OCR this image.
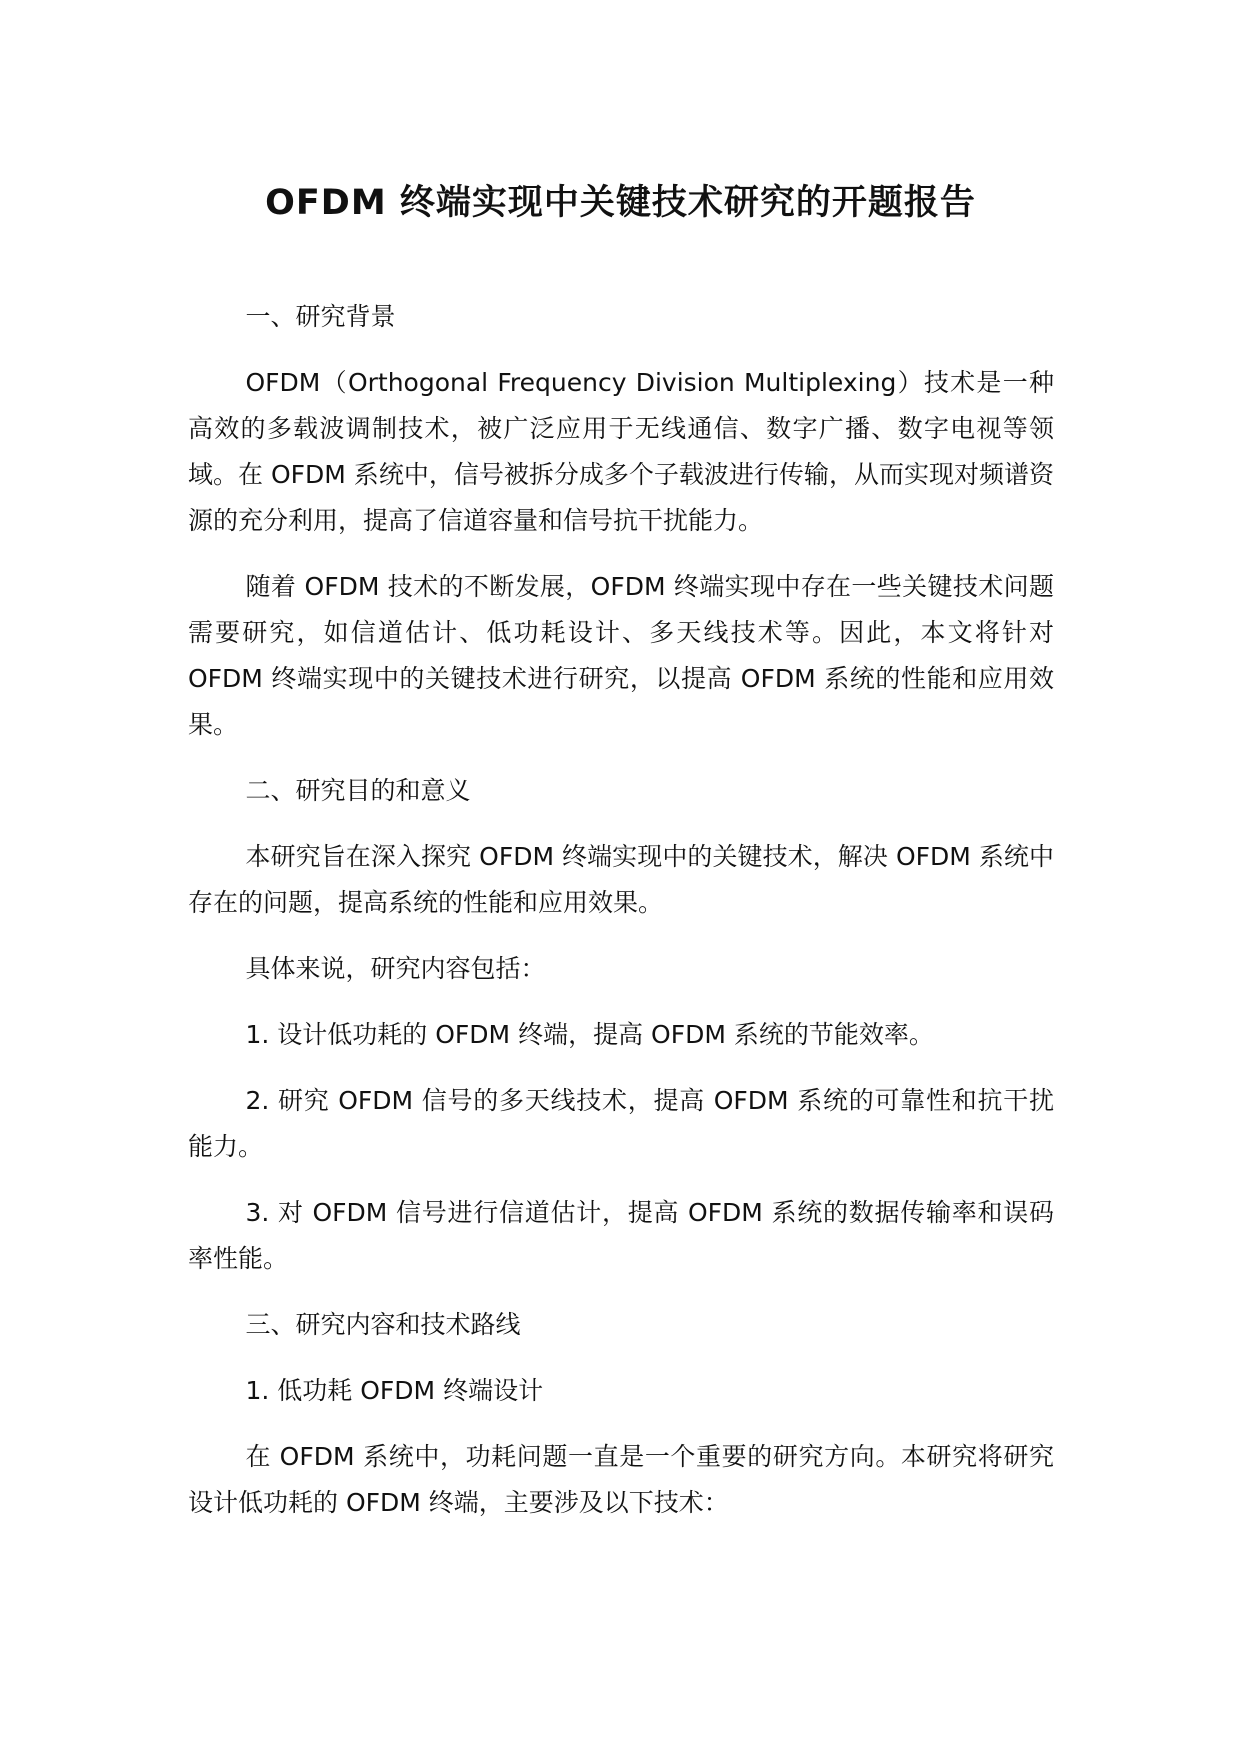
OFDM 终端实现中关键技术研究的开题报告

一、研究背景

OFDM（Orthogonal Frequency Division Multiplexing）技术是一种高效的多载波调制技术，被广泛应用于无线通信、数字广播、数字电视等领域。在 OFDM 系统中，信号被拆分成多个子载波进行传输，从而实现对频谱资源的充分利用，提高了信道容量和信号抗干扰能力。

随着 OFDM 技术的不断发展，OFDM 终端实现中存在一些关键技术问题需要研究，如信道估计、低功耗设计、多天线技术等。因此，本文将针对 OFDM 终端实现中的关键技术进行研究，以提高 OFDM 系统的性能和应用效果。

二、研究目的和意义

本研究旨在深入探究 OFDM 终端实现中的关键技术，解决 OFDM 系统中存在的问题，提高系统的性能和应用效果。

具体来说，研究内容包括：

1. 设计低功耗的 OFDM 终端，提高 OFDM 系统的节能效率。

2. 研究 OFDM 信号的多天线技术，提高 OFDM 系统的可靠性和抗干扰能力。

3. 对 OFDM 信号进行信道估计，提高 OFDM 系统的数据传输率和误码率性能。

三、研究内容和技术路线

1. 低功耗 OFDM 终端设计

在 OFDM 系统中，功耗问题一直是一个重要的研究方向。本研究将研究设计低功耗的 OFDM 终端，主要涉及以下技术：
